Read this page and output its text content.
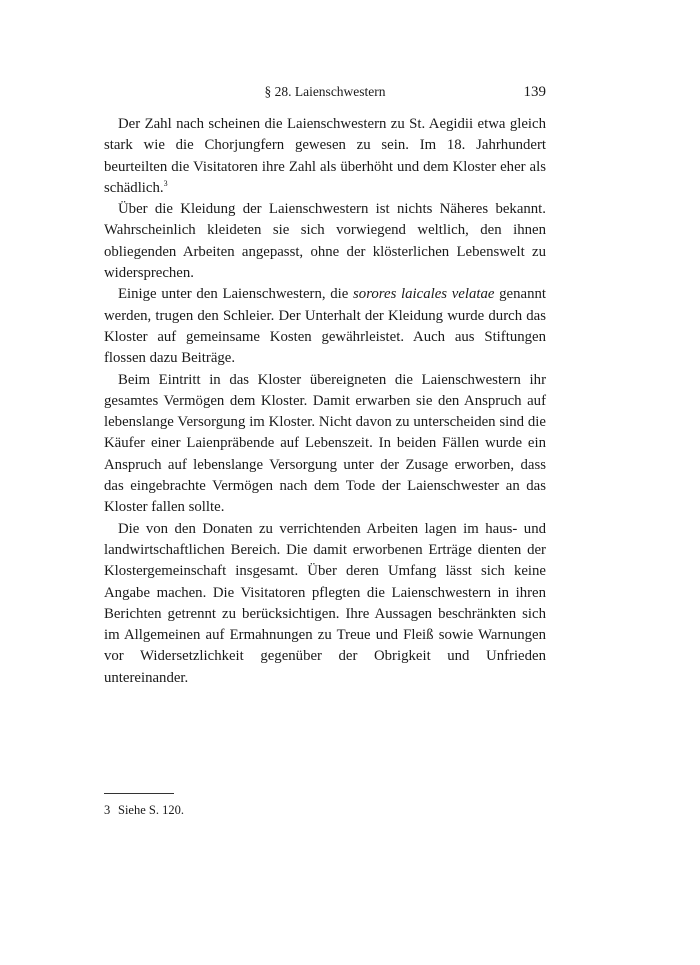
§ 28. Laienschwestern	139

Der Zahl nach scheinen die Laienschwestern zu St. Aegidii etwa gleich stark wie die Chorjungfern gewesen zu sein. Im 18. Jahrhundert beurteilten die Visitatoren ihre Zahl als überhöht und dem Kloster eher als schädlich.$^3$

Über die Kleidung der Laienschwestern ist nichts Näheres bekannt. Wahrscheinlich kleideten sie sich vorwiegend weltlich, den ihnen obliegenden Arbeiten angepasst, ohne der klösterlichen Lebenswelt zu widersprechen.

Einige unter den Laienschwestern, die sorores laicales velatae genannt werden, trugen den Schleier. Der Unterhalt der Kleidung wurde durch das Kloster auf gemeinsame Kosten gewährleistet. Auch aus Stiftungen flossen dazu Beiträge.

Beim Eintritt in das Kloster übereigneten die Laienschwestern ihr gesamtes Vermögen dem Kloster. Damit erwarben sie den Anspruch auf lebenslange Versorgung im Kloster. Nicht davon zu unterscheiden sind die Käufer einer Laienpräbende auf Lebenszeit. In beiden Fällen wurde ein Anspruch auf lebenslange Versorgung unter der Zusage erworben, dass das eingebrachte Vermögen nach dem Tode der Laienschwester an das Kloster fallen sollte.

Die von den Donaten zu verrichtenden Arbeiten lagen im haus- und landwirtschaftlichen Bereich. Die damit erworbenen Erträge dienten der Klostergemeinschaft insgesamt. Über deren Umfang lässt sich keine Angabe machen. Die Visitatoren pflegten die Laienschwestern in ihren Berichten getrennt zu berücksichtigen. Ihre Aussagen beschränkten sich im Allgemeinen auf Ermahnungen zu Treue und Fleiß sowie Warnungen vor Widersetzlichkeit gegenüber der Obrigkeit und Unfrieden untereinander.

3 Siehe S. 120.
